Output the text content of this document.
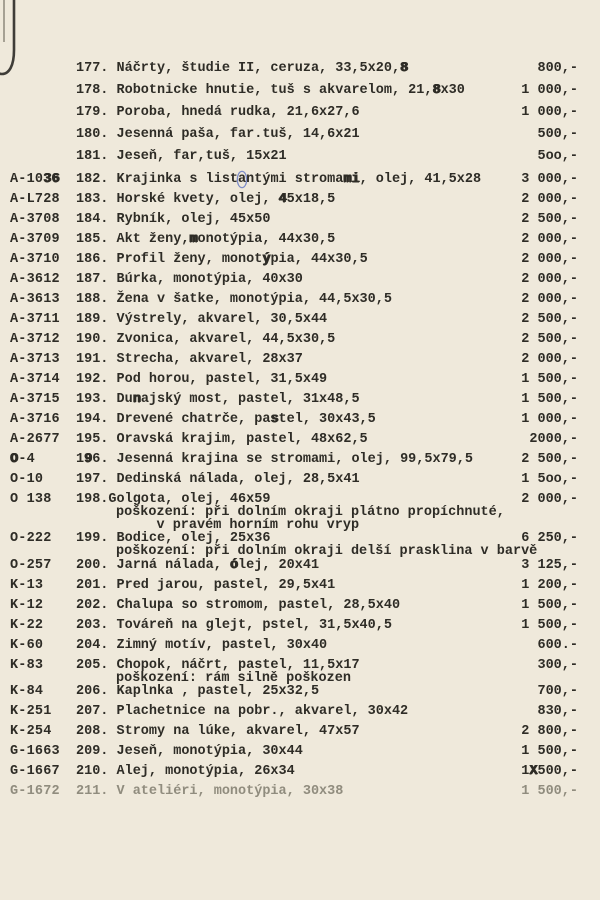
177. Náčrty, študie II, ceruza, 33,5x20,8	800,-
178. Robotnicke hnutie, tuš s akvarelom, 21,8x30	1 000,-
179. Poroba, hnedá rudka, 21,6x27,6	1 000,-
180. Jesenná paša, far.tuš, 14,6x21	500,-
181. Jeseň, far,tuš, 15x21	5oo,-
A-1036 182. Krajinka s listantými stromami, olej, 41,5x28	3 000,-
A-L728 183. Horské kvety, olej, 45x18,5	2 000,-
A-3708 184. Rybník, olej, 45x50	2 500,-
A-3709 185. Akt ženy,monotýpia, 44x30,5	2 000,-
A-3710 186. Profil ženy, monotýpia, 44x30,5	2 000,-
A-3612 187. Búrka, monotýpia, 40x30	2 000,-
A-3613 188. Žena v šatke, monotýpia, 44,5x30,5	2 000,-
A-3711 189. Výstrely, akvarel, 30,5x44	2 500,-
A-3712 190. Zvonica, akvarel, 44,5x30,5	2 500,-
A-3713 191. Strecha, akvarel, 28x37	2 000,-
A-3714 192. Pod horou, pastel, 31,5x49	1 500,-
A-3715 193. Dunajský most, pastel, 31x48,5	1 500,-
A-3716 194. Drevené chatrče, pastel, 30x43,5	1 000,-
A-2677 195. Oravská krajim, pastel, 48x62,5	2000,-
O-4	196. Jesenná krajina se stromami, olej, 99,5x79,5	2 500,-
O-10 197. Dedinská nálada, olej, 28,5x41	1 5oo,-
O 138 198.Golgota, olej, 46x59	2 000,-
poškození: při dolním okraji plátno propíchnuté,
v pravém horním rohu vryp
O-222 199. Bodice, olej, 25x36	6 250,-
poškození: při dolním okraji delší prasklina v barvě
O-257 200. Jarná nálada, ólej, 20x41	3 125,-
K-13 201. Pred jarou, pastel, 29,5x41	1 200,-
K-12 202. Chalupa so stromom, pastel, 28,5x40	1 500,-
K-22 203. Továreň na glejt, pstel, 31,5x40,5	1 500,-
K-60 204. Zimný motív, pastel, 30x40	600.-
K-83 205. Chopok, náčrt, pastel, 11,5x17	300,-
poškození: rám silně poškozen
K-84 206. Kaplnka , pastel, 25x32,5	700,-
K-251 207. Plachetnice na pobr., akvarel, 30x42	830,-
K-254 208. Stromy na lúke, akvarel, 47x57	2 800,-
G-1663 209. Jeseň, monotýpia, 30x44	1 500,-
G-1667 210. Alej, monotýpia, 26x34	1X500,-
G-1672 211. V ateliéri, monotýpia, 30x38	1 500,-
